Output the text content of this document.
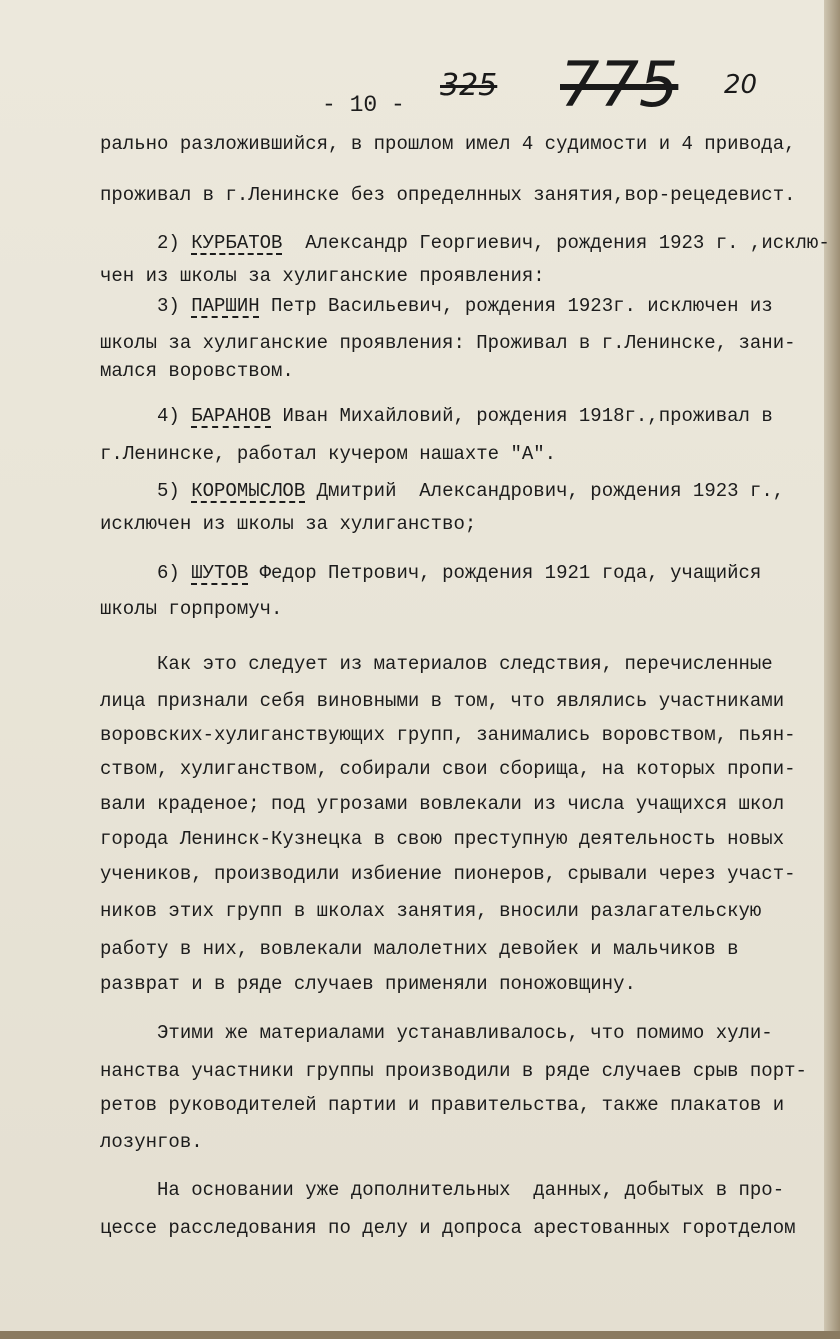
325 775 20
- 10 -
рально разложившийся, в прошлом имел 4 судимости и 4 привода,
проживал в г.Ленинске без определнных занятия,вор-рецедевист.
2) КУРБАТОВ  Александр Георгиевич, рождения 1923 г. ,исклю-
чен из школы за хулиганские проявления:
3) ПАРШИН Петр Васильевич, рождения 1923г. исключен из
школы за хулиганские проявления: Проживал в г.Ленинске, зани-
мался воровством.
4) БАРАНОВ Иван Михайловий, рождения 1918г.,проживал в
г.Ленинске, работал кучером нашахте "А".
5) КОРОМЫСЛОВ Дмитрий  Александрович, рождения 1923 г.,
исключен из школы за хулиганство;
6) ШУТОВ Федор Петрович, рождения 1921 года, учащийся
школы горпромуч.
Как это следует из материалов следствия, перечисленные
лица признали себя виновными в том, что являлись участниками
воровских-хулиганствующих групп, занимались воровством, пьян-
ством, хулиганством, собирали свои сборища, на которых пропи-
вали краденое; под угрозами вовлекали из числа учащихся школ
города Ленинск-Кузнецка в свою преступную деятельность новых
учеников, производили избиение пионеров, срывали через участ-
ников этих групп в школах занятия, вносили разлагательскую
работу в них, вовлекали малолетних девойек и мальчиков в
разврат и в ряде случаев применяли поножовщину.
Этими же материалами устанавливалось, что помимо хули-
нанства участники группы производили в ряде случаев срыв порт-
ретов руководителей партии и правительства, также плакатов и
лозунгов.
На основании уже дополнительных  данных, добытых в про-
цессе расследования по делу и допроса арестованных горотделом
